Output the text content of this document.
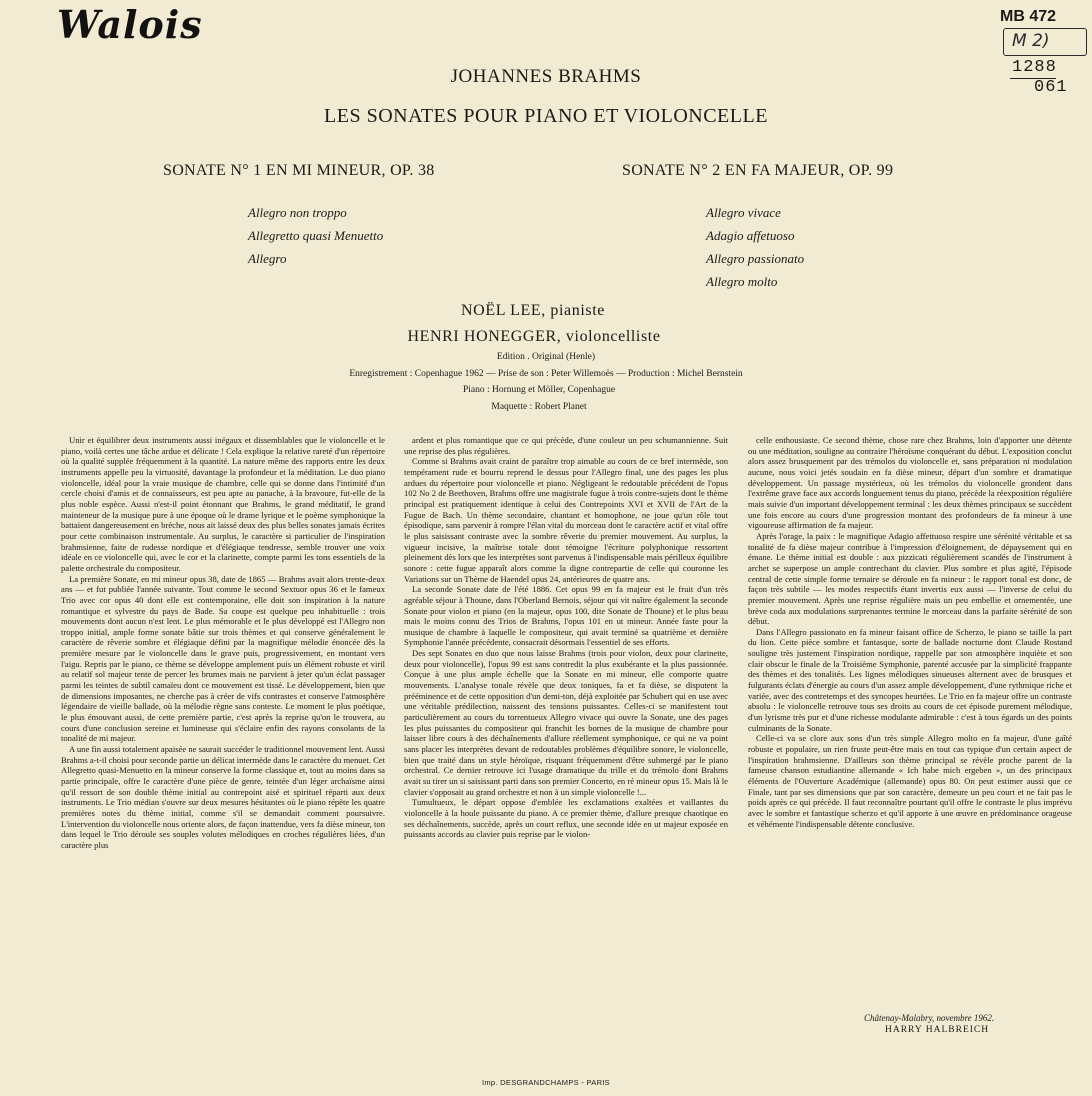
Walois	MB 472
M 2)
1288
061
JOHANNES BRAHMS
LES SONATES POUR PIANO ET VIOLONCELLE
SONATE N° 1 EN MI MINEUR, OP. 38	SONATE N° 2 EN FA MAJEUR, OP. 99
Allegro non troppo
Allegretto quasi Menuetto
Allegro
Allegro vivace
Adagio affetuoso
Allegro passionato
Allegro molto
NOËL LEE, pianiste
HENRI HONEGGER, violoncelliste
Edition . Original (Henle)
Enregistrement : Copenhague 1962 — Prise de son : Peter Willemoës — Production : Michel Bernstein
Piano : Hornung et Möller, Copenhague
Maquette : Robert Planet

Unir et équilibrer deux instruments aussi inégaux et dissemblables que le violoncelle et le piano, voilà certes une tâche ardue et délicate ! Cela explique la relative rareté d'un répertoire où la qualité supplée fréquemment à la quantité. La nature même des rapports entre les deux instruments appelle peu la virtuosité, davantage la profondeur et la méditation. Le duo piano violoncelle, idéal pour la vraie musique de chambre, celle qui se donne dans l'intimité d'un cercle choisi d'amis et de connaisseurs, est peu apte au panache, à la bravoure, fut-elle de la plus noble espèce. Aussi n'est-il point étonnant que Brahms, le grand méditatif, le grand mainteneur de la musique pure à une époque où le drame lyrique et le poème symphonique la battaient dangereusement en brèche, nous ait laissé deux des plus belles sonates jamais écrites pour cette combinaison instrumentale. Au surplus, le caractère si particulier de l'inspiration brahmsienne, faite de rudesse nordique et d'élégiaque tendresse, semble trouver une voix idéale en ce violoncelle qui, avec le cor et la clarinette, compte parmi les tons essentiels de la palette orchestrale du compositeur.

La première Sonate, en mi mineur opus 38, date de 1865 — Brahms avait alors trente-deux ans — et fut publiée l'année suivante. Tout comme le second Sextuor opus 36 et le fameux Trio avec cor opus 40 dont elle est contemporaine, elle doit son inspiration à la nature romantique et sylvestre du pays de Bade. Sa coupe est quelque peu inhabituelle : trois mouvements dont aucun n'est lent. Le plus mémorable et le plus développé est l'Allegro non troppo initial, ample forme sonate bâtie sur trois thèmes et qui conserve généralement le caractère de rêverie sombre et élégiaque défini par la magnifique mélodie énoncée dès la première mesure par le violoncelle dans le grave puis, progressivement, en montant vers l'aigu. Repris par le piano, ce thème se développe amplement puis un élément robuste et viril au relatif sol majeur tente de percer les brumes mais ne parvient à jeter qu'un éclat passager parmi les teintes de subtil camaïeu dont ce mouvement est tissé. Le développement, bien que de dimensions imposantes, ne cherche pas à créer de vifs contrastes et conserve l'atmosphère légendaire de vieille ballade, où la mélodie règne sans conteste. Le moment le plus poétique, le plus émouvant aussi, de cette première partie, c'est après la reprise qu'on le trouvera, au cours d'une conclusion sereine et lumineuse qui s'éclaire enfin des rayons consolants de la tonalité de mi majeur.

A une fin aussi totalement apaisée ne saurait succéder le traditionnel mouvement lent. Aussi Brahms a-t-il choisi pour seconde partie un délicat intermède dans le caractère du menuet. Cet Allegretto quasi-Menuetto en la mineur conserve la forme classique et, tout au moins dans sa partie principale, offre le caractère d'une pièce de genre, teintée d'un léger archaïsme ainsi qu'il ressort de son double thème initial au contrepoint aisé et spirituel réparti aux deux instruments. Le Trio médian s'ouvre sur deux mesures hésitantes où le piano répète les quatre premières notes du thème initial, comme s'il se demandait comment poursuivre. L'intervention du violoncelle nous oriente alors, de façon inattendue, vers fa dièse mineur, ton dans lequel le Trio déroule ses souples volutes mélodiques en croches régulières liées, d'un caractère plus

ardent et plus romantique que ce qui précède, d'une couleur un peu schumannienne. Suit une reprise des plus régulières.

Comme si Brahms avait craint de paraître trop aimable au cours de ce bref intermède, son tempérament rude et bourru reprend le dessus pour l'Allegro final, une des pages les plus ardues du répertoire pour violoncelle et piano. Négligeant le redoutable précédent de l'opus 102 No 2 de Beethoven, Brahms offre une magistrale fugue à trois contre-sujets dont le thème principal est pratiquement identique à celui des Contrepoints XVI et XVII de l'Art de la Fugue de Bach. Un thème secondaire, chantant et homophone, ne joue qu'un rôle tout épisodique, sans parvenir à rompre l'élan vital du morceau dont le caractère actif et vital offre le plus saisissant contraste avec la sombre rêverie du premier mouvement. Au surplus, la vigueur incisive, la maîtrise totale dont témoigne l'écriture polyphonique ressortent pleinement dès lors que les interprètes sont parvenus à l'indispensable mais périlleux équilibre sonore : cette fugue apparaît alors comme la digne contrepartie de celle qui couronne les Variations sur un Thème de Haendel opus 24, antérieures de quatre ans.

La seconde Sonate date de l'été 1886. Cet opus 99 en fa majeur est le fruit d'un très agréable séjour à Thoune, dans l'Oberland Bernois, séjour qui vit naître également la seconde Sonate pour violon et piano (en la majeur, opus 100, dite Sonate de Thoune) et le plus beau mais le moins connu des Trios de Brahms, l'opus 101 en ut mineur. Année faste pour la musique de chambre à laquelle le compositeur, qui avait terminé sa quatrième et dernière Symphonie l'année précédente, consacrait désormais l'essentiel de ses efforts.

Des sept Sonates en duo que nous laisse Brahms (trois pour violon, deux pour clarinette, deux pour violoncelle), l'opus 99 est sans contredit la plus exubérante et la plus passionnée. Conçue à une plus ample échelle que la Sonate en mi mineur, elle comporte quatre mouvements. L'analyse tonale révèle que deux toniques, fa et fa dièse, se disputent la prééminence et de cette opposition d'un demi-ton, déjà exploitée par Schubert qui en use avec une véritable prédilection, naissent des tensions puissantes. Celles-ci se manifestent tout particulièrement au cours du torrentueux Allegro vivace qui ouvre la Sonate, une des pages les plus puissantes du compositeur qui franchit les bornes de la musique de chambre pour laisser libre cours à des déchaînements d'allure réellement symphonique, ce qui ne va point sans placer les interprètes devant de redoutables problèmes d'équilibre sonore, le violoncelle, bien que traité dans un style héroïque, risquant fréquemment d'être submergé par le piano orchestral. Ce dernier retrouve ici l'usage dramatique du trille et du trémolo dont Brahms avait su tirer un si saisissant parti dans son premier Concerto, en ré mineur opus 15. Mais là le clavier s'opposait au grand orchestre et non à un simple violoncelle !...

Tumultueux, le départ oppose d'emblée les exclamations exaltées et vaillantes du violoncelle à la houle puissante du piano. A ce premier thème, d'allure presque chaotique en ses déchaînements, succède, après un court reflux, une seconde idée en ut majeur exposée en puissants accords au clavier puis reprise par le violon-

celle enthousiaste. Ce second thème, chose rare chez Brahms, loin d'apporter une détente ou une méditation, souligne au contraire l'héroïsme conquérant du début. L'exposition conclut alors assez brusquement par des trémolos du violoncelle et, sans préparation ni modulation aucune, nous voici jetés soudain en fa dièse mineur, départ d'un sombre et dramatique développement. Un passage mystérieux, où les trémolos du violoncelle grondent dans l'extrême grave face aux accords longuement tenus du piano, précède la réexposition régulière mais suivie d'un important développement terminal : les deux thèmes principaux se succèdent une fois encore au cours d'une progression montant des profondeurs de fa mineur à une vigoureuse affirmation de fa majeur.

Après l'orage, la paix : le magnifique Adagio affettuoso respire une sérénité véritable et sa tonalité de fa dièse majeur contribue à l'impression d'éloignement, de dépaysement qui en émane. Le thème initial est double : aux pizzicati régulièrement scandés de l'instrument à archet se superpose un ample contrechant du clavier. Plus sombre et plus agité, l'épisode central de cette simple forme ternaire se déroule en fa mineur : le rapport tonal est donc, de façon très subtile — les modes respectifs étant invertis eux aussi — l'inverse de celui du premier mouvement. Après une reprise régulière mais un peu embellie et ornementée, une brève coda aux modulations surprenantes termine le morceau dans la parfaite sérénité de son début.

Dans l'Allegro passionato en fa mineur faisant office de Scherzo, le piano se taille la part du lion. Cette pièce sombre et fantasque, sorte de ballade nocturne dont Claude Rostand souligne très justement l'inspiration nordique, rappelle par son atmosphère inquiète et son clair obscur le finale de la Troisième Symphonie, parenté accusée par la simplicité frappante des thèmes et des tonalités. Les lignes mélodiques sinueuses alternent avec de brusques et fulgurants éclats d'énergie au cours d'un assez ample développement, d'une rythmique riche et variée, avec des contretemps et des syncopes heurtées. Le Trio en fa majeur offre un contraste absolu : le violoncelle retrouve tous ses droits au cours de cet épisode purement mélodique, d'un lyrisme très pur et d'une richesse modulante admirable : c'est à tous égards un des points culminants de la Sonate.

Celle-ci va se clore aux sons d'un très simple Allegro molto en fa majeur, d'une gaîté robuste et populaire, un rien fruste peut-être mais en tout cas typique d'un certain aspect de l'inspiration brahmsienne. D'ailleurs son thème principal se révèle proche parent de la fameuse chanson estudiantine allemande « Ich habe mich ergeben », un des principaux éléments de l'Ouverture Académique (allemande) opus 80. On peut estimer aussi que ce Finale, tant par ses dimensions que par son caractère, demeure un peu court et ne fait pas le poids après ce qui précède. Il faut reconnaître pourtant qu'il offre le contraste le plus imprévu avec le sombre et fantastique scherzo et qu'il apporte à une œuvre en prédominance orageuse et véhémente l'indispensable détente conclusive.

Châtenay-Malabry, novembre 1962.
HARRY HALBREICH
Imp. DESGRANDCHAMPS - PARIS
